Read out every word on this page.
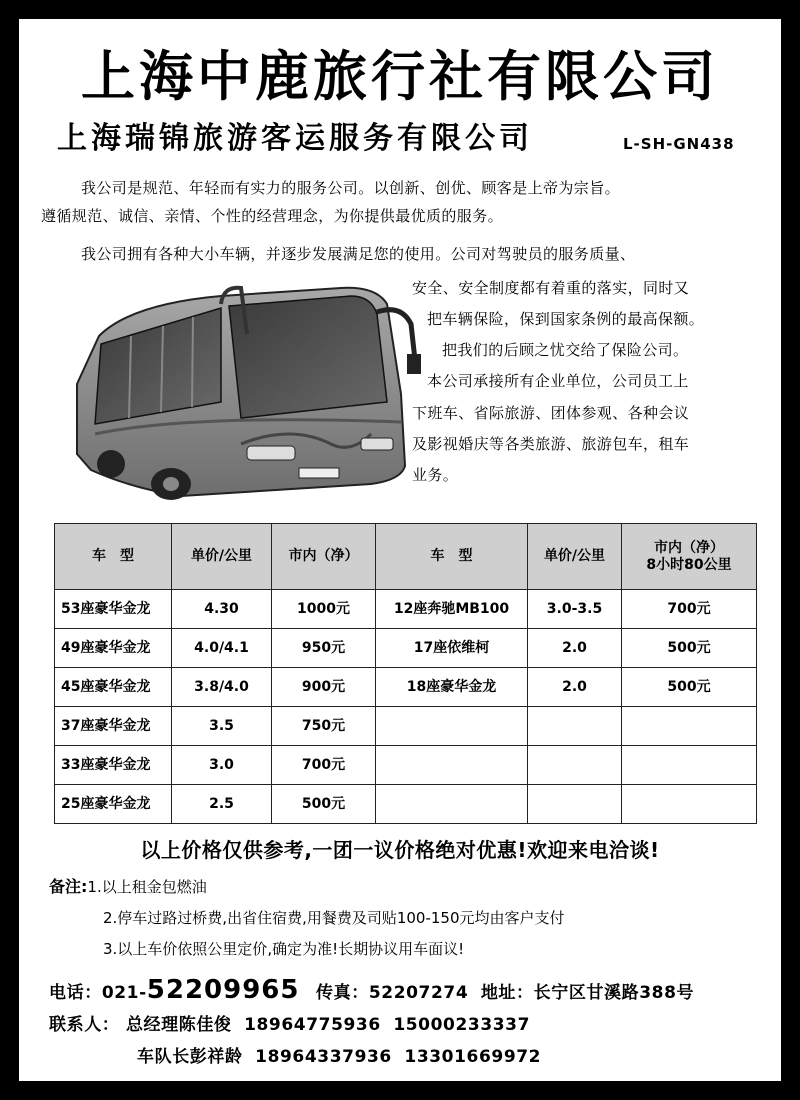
上海中鹿旅行社有限公司
上海瑞锦旅游客运服务有限公司	L-SH-GN438
我公司是规范、年轻而有实力的服务公司。以创新、创优、顾客是上帝为宗旨。
遵循规范、诚信、亲情、个性的经营理念，为你提供最优质的服务。
我公司拥有各种大小车辆，并逐步发展满足您的使用。公司对驾驶员的服务质量、
安全、安全制度都有着重的落实，同时又
把车辆保险，保到国家条例的最高保额。
把我们的后顾之忧交给了保险公司。
本公司承接所有企业单位，公司员工上
下班车、省际旅游、团体参观、各种会议
及影视婚庆等各类旅游、旅游包车，租车
业务。
车　型	单价/公里	市内（净）	车　型	单价/公里	市内（净）
8小时80公里
53座豪华金龙	4.30	1000元	12座奔驰MB100	3.0-3.5	700元
49座豪华金龙	4.0/4.1	950元	17座依维柯	2.0	500元
45座豪华金龙	3.8/4.0	900元	18座豪华金龙	2.0	500元
37座豪华金龙	3.5	750元			
33座豪华金龙	3.0	700元			
25座豪华金龙	2.5	500元			
以上价格仅供参考,一团一议价格绝对优惠!欢迎来电洽谈!
备注:1.以上租金包燃油
2.停车过路过桥费,出省住宿费,用餐费及司贴100-150元均由客户支付
3.以上车价依照公里定价,确定为准!长期协议用车面议!
电话：021-52209965 传真：52207274 地址：长宁区甘溪路388号
联系人： 总经理陈佳俊 18964775936 15000233337
车队长彭祥龄 18964337936 13301669972
